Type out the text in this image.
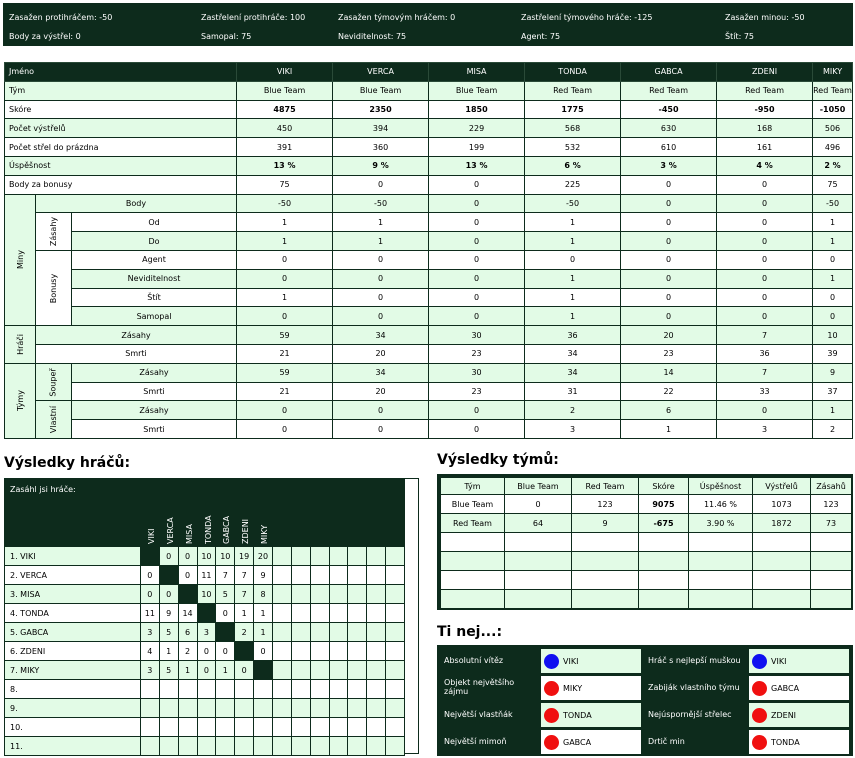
Zasažen protihráčem: -50	Zastřelení protihráče: 100	Zasažen týmovým hráčem: 0	Zastřelení týmového hráče: -125	Zasažen minou: -50
Body za výstřel: 0	Samopal: 75	Neviditelnost: 75	Agent: 75	Štít: 75
Jméno			VIKI	VERCA	MISA	TONDA	GABCA	ZDENI	MIKY
Tým			Blue Team	Blue Team	Blue Team	Red Team	Red Team	Red Team	Red Team
Skóre			4875	2350	1850	1775	-450	-950	-1050
Počet výstřelů			450	394	229	568	630	168	506
Počet střel do prázdna			391	360	199	532	610	161	496
Úspěšnost			13 %	9 %	13 %	6 %	3 %	4 %	2 %
Body za bonusy			75	0	0	225	0	0	75
Miny	Body		-50	-50	0	-50	0	0	-50
	Zásahy	Od	1	1	0	1	0	0	1
		Do	1	1	0	1	0	0	1
	Bonusy	Agent	0	0	0	0	0	0	0
		Neviditelnost	0	0	0	1	0	0	1
		Štít	1	0	0	1	0	0	0
		Samopal	0	0	0	1	0	0	0
Hráči	Zásahy		59	34	30	36	20	7	10
	Smrti		21	20	23	34	23	36	39
Týmy	Soupeř	Zásahy	59	34	30	34	14	7	9
		Smrti	21	20	23	31	22	33	37
	Vlastní	Zásahy	0	0	0	2	6	0	1
		Smrti	0	0	0	3	1	3	2
Výsledky hráčů:	Výsledky týmů:
Tým	Blue Team	Red Team	Skóre	Úspěšnost	Výstřelů	Zásahů
Blue Team	0	123	9075	11.46 %	1073	123
Red Team	64	9	-675	3.90 %	1872	73

Zasáhl jsi hráče:	VIKI	VERCA	MISA	TONDA	GABCA	ZDENI	MIKY							

1. VIKI		0	0	10	10	19	20							
2. VERCA	0		0	11	7	7	9							
3. MISA	0	0		10	5	7	8							
4. TONDA	11	9	14		0	1	1							
5. GABCA	3	5	6	3		2	1							
6. ZDENI	4	1	2	0	0		0							
7. MIKY	3	5	1	0	1	0								
8.														
9.														
10.														
11.														
Ti nej...:
Absolutní vítěz	VIKI	Hráč s nejlepší muškou	VIKI
Objekt největšího zájmu	MIKY	Zabiják vlastního týmu	GABCA
Největší vlastňák	TONDA	Nejúspornější střelec	ZDENI
Největší mimoň	GABCA	Drtič min	TONDA
